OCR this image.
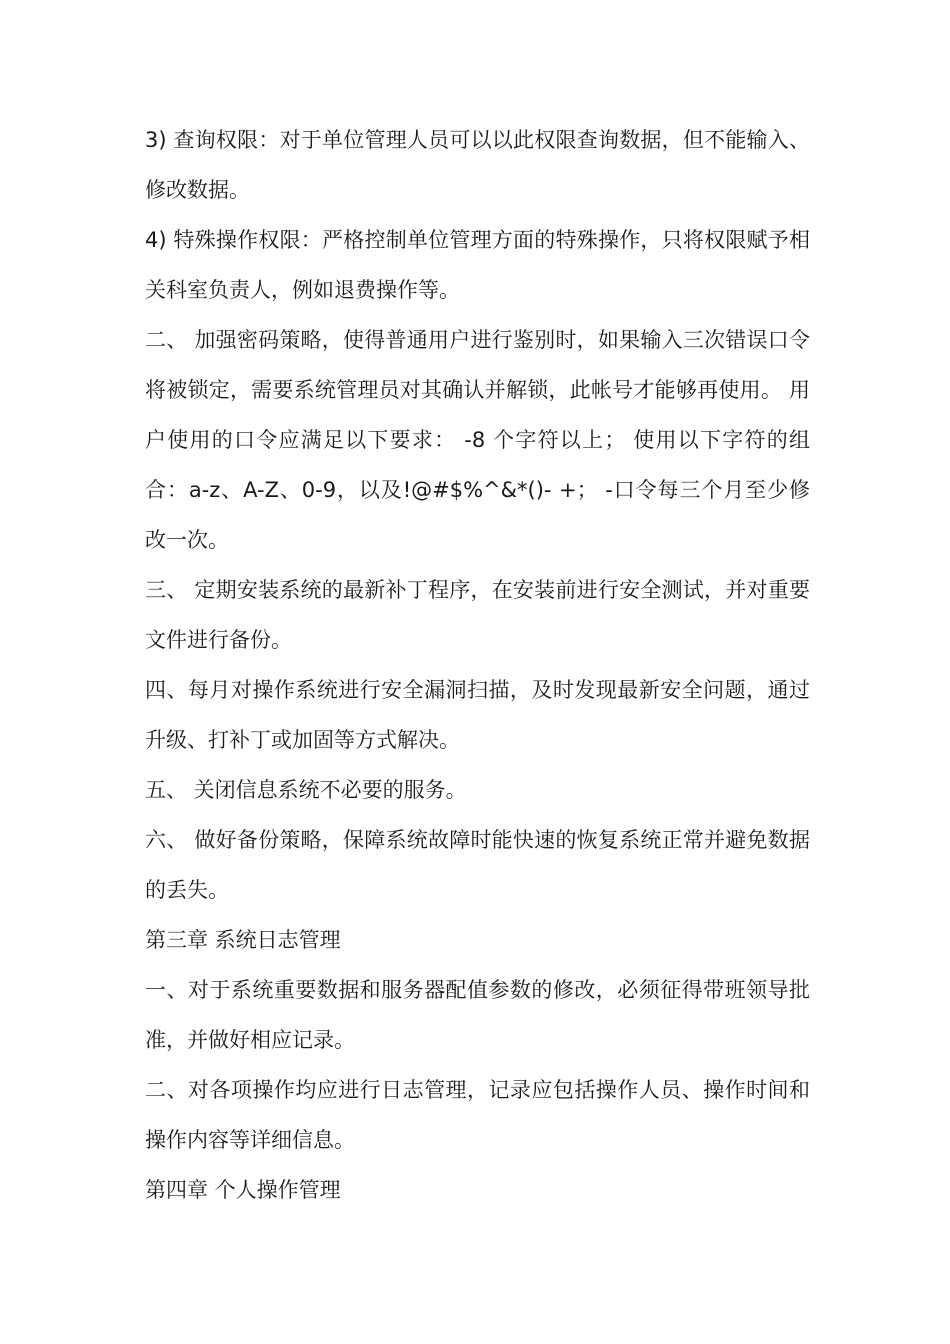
3) 查询权限：对于单位管理人员可以以此权限查询数据，但不能输入、修改数据。

4) 特殊操作权限：严格控制单位管理方面的特殊操作，只将权限赋予相关科室负责人，例如退费操作等。

二、 加强密码策略，使得普通用户进行鉴别时，如果输入三次错误口令将被锁定，需要系统管理员对其确认并解锁，此帐号才能够再使用。 用户使用的口令应满足以下要求： -8 个字符以上； 使用以下字符的组合：a-z、A-Z、0-9，以及!@#$%^&*()- +； -口令每三个月至少修改一次。

三、 定期安装系统的最新补丁程序，在安装前进行安全测试，并对重要文件进行备份。

四、每月对操作系统进行安全漏洞扫描，及时发现最新安全问题，通过升级、打补丁或加固等方式解决。

五、 关闭信息系统不必要的服务。

六、 做好备份策略，保障系统故障时能快速的恢复系统正常并避免数据的丢失。

第三章 系统日志管理

一、对于系统重要数据和服务器配值参数的修改，必须征得带班领导批准，并做好相应记录。

二、对各项操作均应进行日志管理，记录应包括操作人员、操作时间和操作内容等详细信息。

第四章 个人操作管理
